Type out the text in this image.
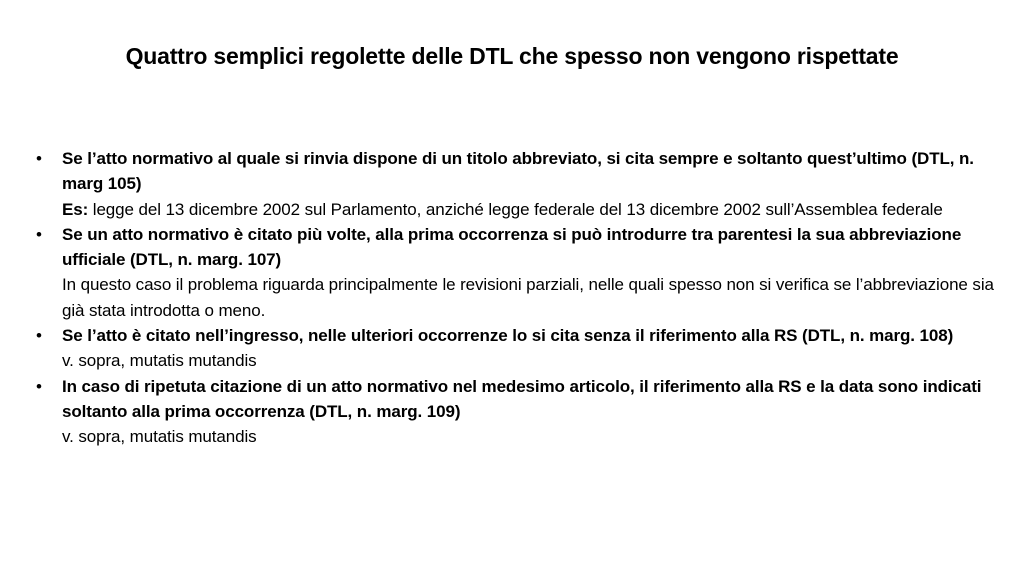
Quattro semplici regolette delle DTL che spesso non vengono rispettate
•	Se l’atto normativo al quale si rinvia dispone di un titolo abbreviato, si cita sempre e soltanto quest’ultimo (DTL, n. marg 105)
Es: legge del 13 dicembre 2002 sul Parlamento, anziché legge federale del 13 dicembre 2002 sull’Assemblea federale
•	Se un atto normativo è citato più volte, alla prima occorrenza si può introdurre tra parentesi la sua abbreviazione ufficiale (DTL, n. marg. 107)
In questo caso il problema riguarda principalmente le revisioni parziali, nelle quali spesso non si verifica se l’abbreviazione sia già stata introdotta o meno.
•	Se l’atto è citato nell’ingresso, nelle ulteriori occorrenze lo si cita senza il riferimento alla RS (DTL, n. marg. 108)
v. sopra, mutatis mutandis
•	In caso di ripetuta citazione di un atto normativo nel medesimo articolo, il riferimento alla RS e la data sono indicati soltanto alla prima occorrenza (DTL, n. marg. 109)
v. sopra, mutatis mutandis
